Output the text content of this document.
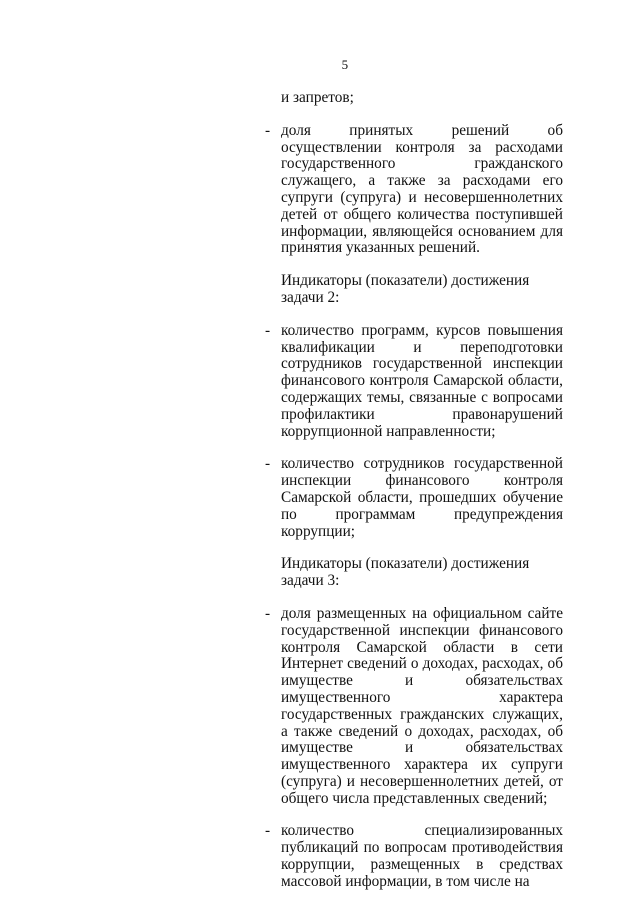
5

и запретов;

- доля принятых решений об осуществлении контроля за расходами государственного гражданского служащего, а также за расходами его супруги (супруга) и несовершеннолетних детей от общего количества поступившей информации, являющейся основанием для принятия указанных решений.

Индикаторы (показатели) достижения задачи 2:

- количество программ, курсов повышения квалификации и переподготовки сотрудников государственной инспекции финансового контроля Самарской области, содержащих темы, связанные с вопросами профилактики правонарушений коррупционной направленности;
- количество сотрудников государственной инспекции финансового контроля Самарской области, прошедших обучение по программам предупреждения коррупции;

Индикаторы (показатели) достижения задачи 3:

- доля размещенных на официальном сайте государственной инспекции финансового контроля Самарской области в сети Интернет сведений о доходах, расходах, об имуществе и обязательствах имущественного характера государственных гражданских служащих, а также сведений о доходах, расходах, об имуществе и обязательствах имущественного характера их супруги (супруга) и несовершеннолетних детей, от общего числа представленных сведений;
- количество специализированных публикаций по вопросам противодействия коррупции, размещенных в средствах массовой информации, в том числе на
